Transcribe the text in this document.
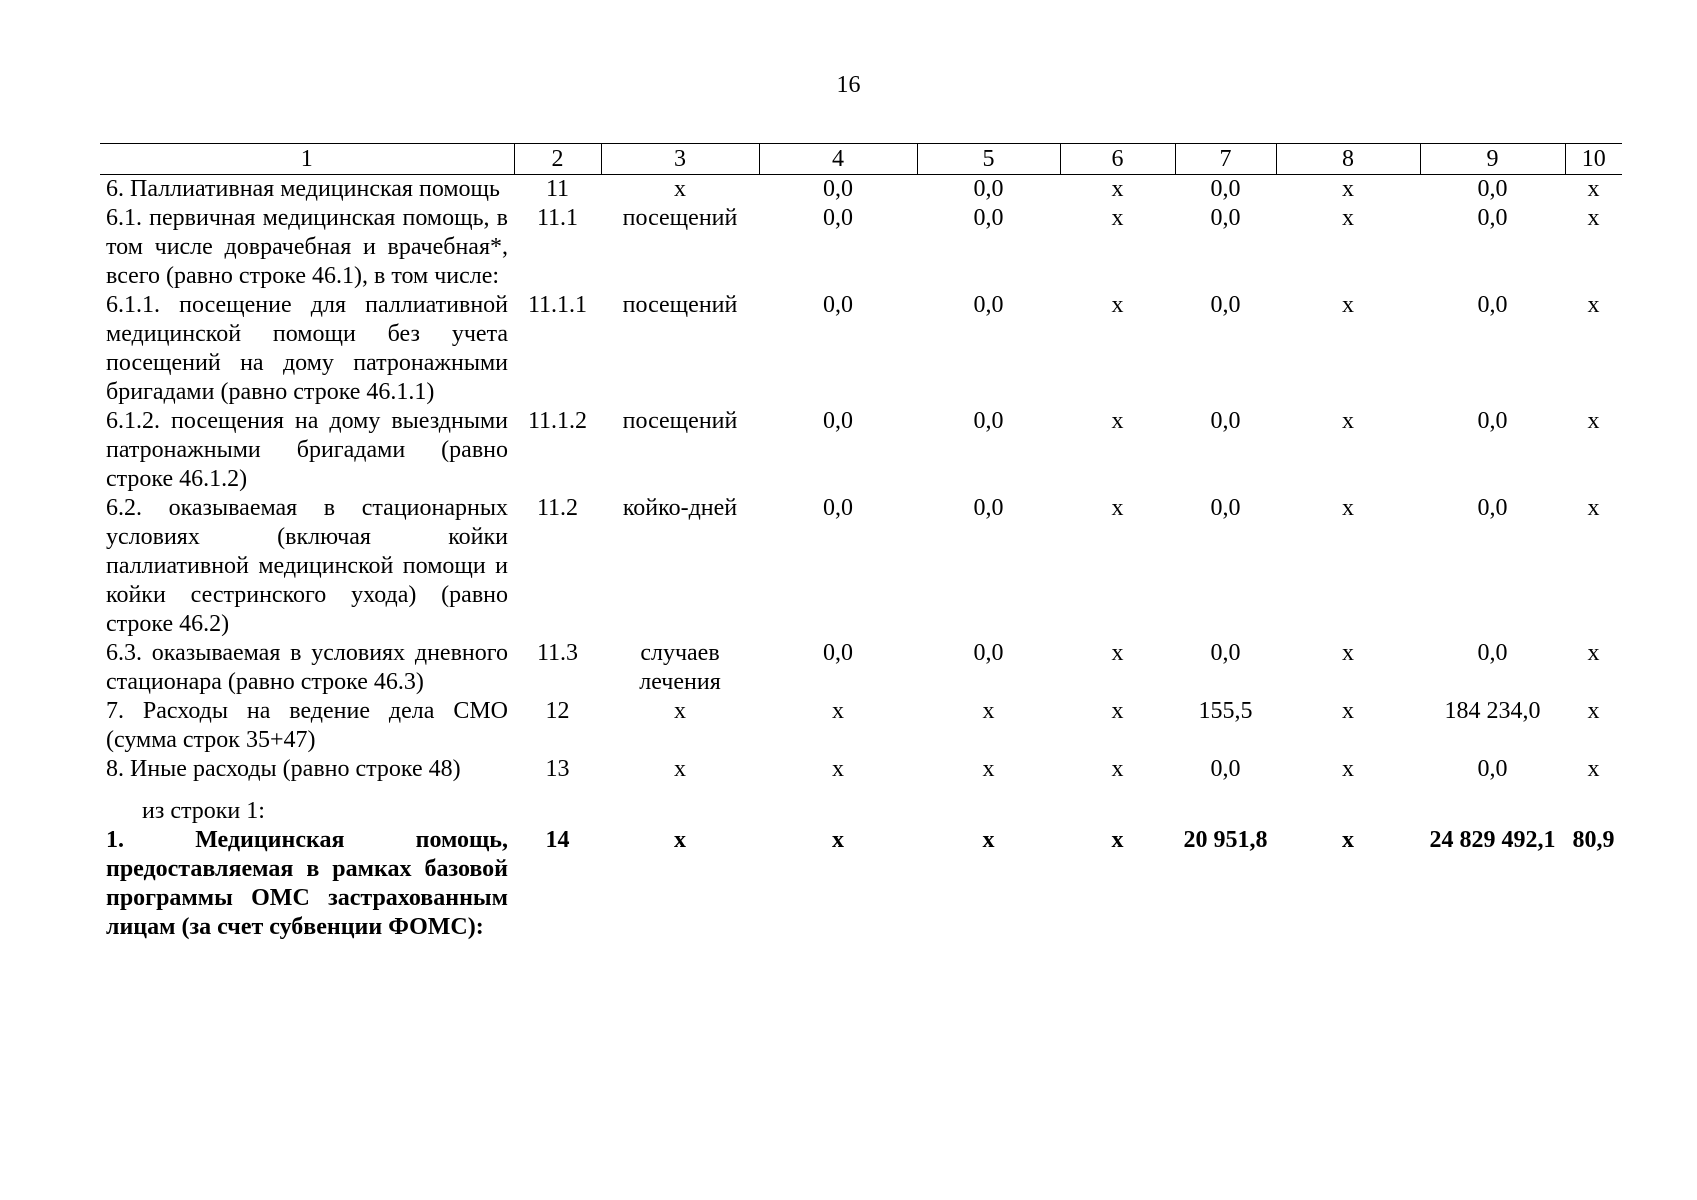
16
1	2	3	4	5	6	7	8	9	10
6. Паллиативная медицинская помощь	11	х	0,0	0,0	х	0,0	х	0,0	х
6.1. первичная медицинская помощь, в том числе доврачебная и врачебная*, всего (равно строке 46.1), в том числе:	11.1	посещений	0,0	0,0	х	0,0	х	0,0	х
6.1.1. посещение для паллиативной медицинской помощи без учета посещений на дому патронажными бригадами (равно строке 46.1.1)	11.1.1	посещений	0,0	0,0	х	0,0	х	0,0	х
6.1.2. посещения на дому выездными патронажными бригадами (равно строке 46.1.2)	11.1.2	посещений	0,0	0,0	х	0,0	х	0,0	х
6.2. оказываемая в стационарных условиях (включая койки паллиативной медицинской помощи и койки сестринского ухода) (равно строке 46.2)	11.2	койко-дней	0,0	0,0	х	0,0	х	0,0	х
6.3. оказываемая в условиях дневного стационара (равно строке 46.3)	11.3	случаев лечения	0,0	0,0	х	0,0	х	0,0	х
7. Расходы на ведение дела СМО (сумма строк 35+47)	12	х	х	х	х	155,5	х	184 234,0	х
8. Иные расходы (равно строке 48)	13	х	х	х	х	0,0	х	0,0	х
из строки 1:									
1. Медицинская помощь, предоставляемая в рамках базовой программы ОМС застрахованным лицам (за счет субвенции ФОМС):	14	х	х	х	х	20 951,8	х	24 829 492,1	80,9
